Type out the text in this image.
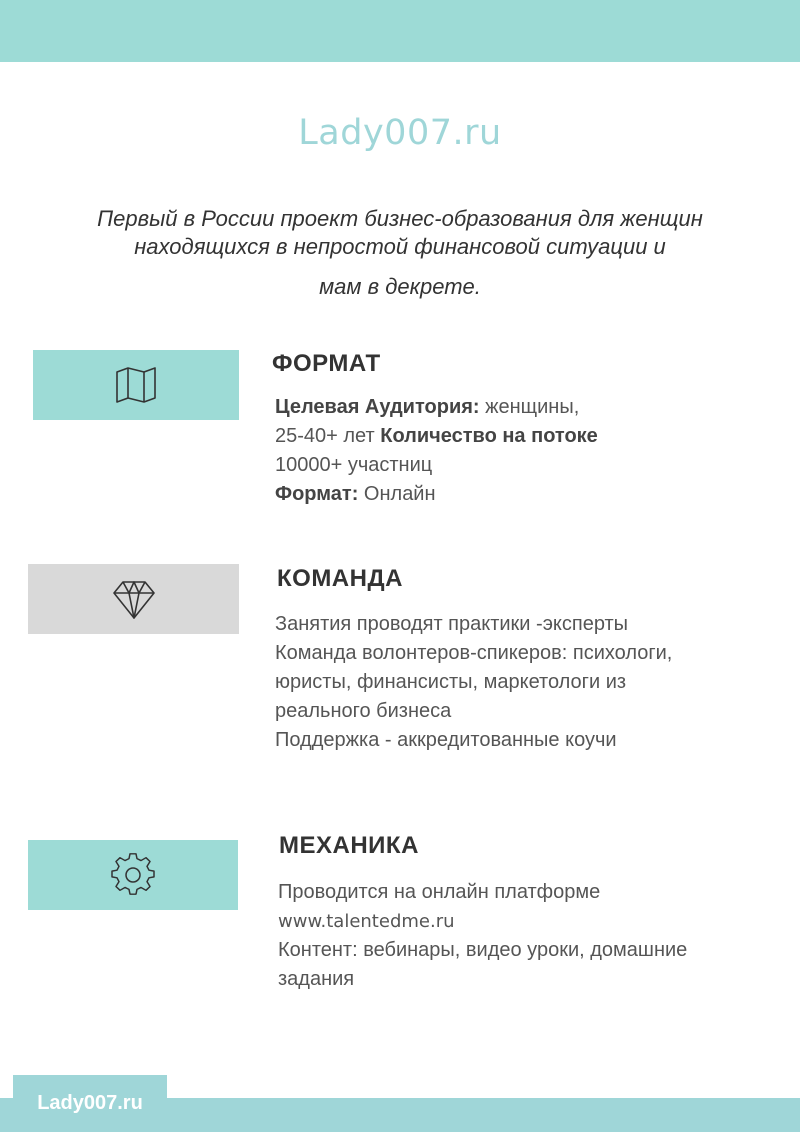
Lady007.ru
Первый в России проект бизнес-образования для женщин находящихся в непростой финансовой ситуации и
мам в декрете.
ФОРМАТ
Целевая Аудитория: женщины,
25-40+ лет Количество на потоке
10000+ участниц
Формат: Онлайн
КОМАНДА
Занятия проводят практики -эксперты
Команда волонтеров-спикеров: психологи,
юристы, финансисты, маркетологи из
реального бизнеса
Поддержка - аккредитованные коучи
МЕХАНИКА
Проводится на онлайн платформе
www.talentedme.ru
Контент: вебинары, видео уроки, домашние
задания
Lady007.ru
